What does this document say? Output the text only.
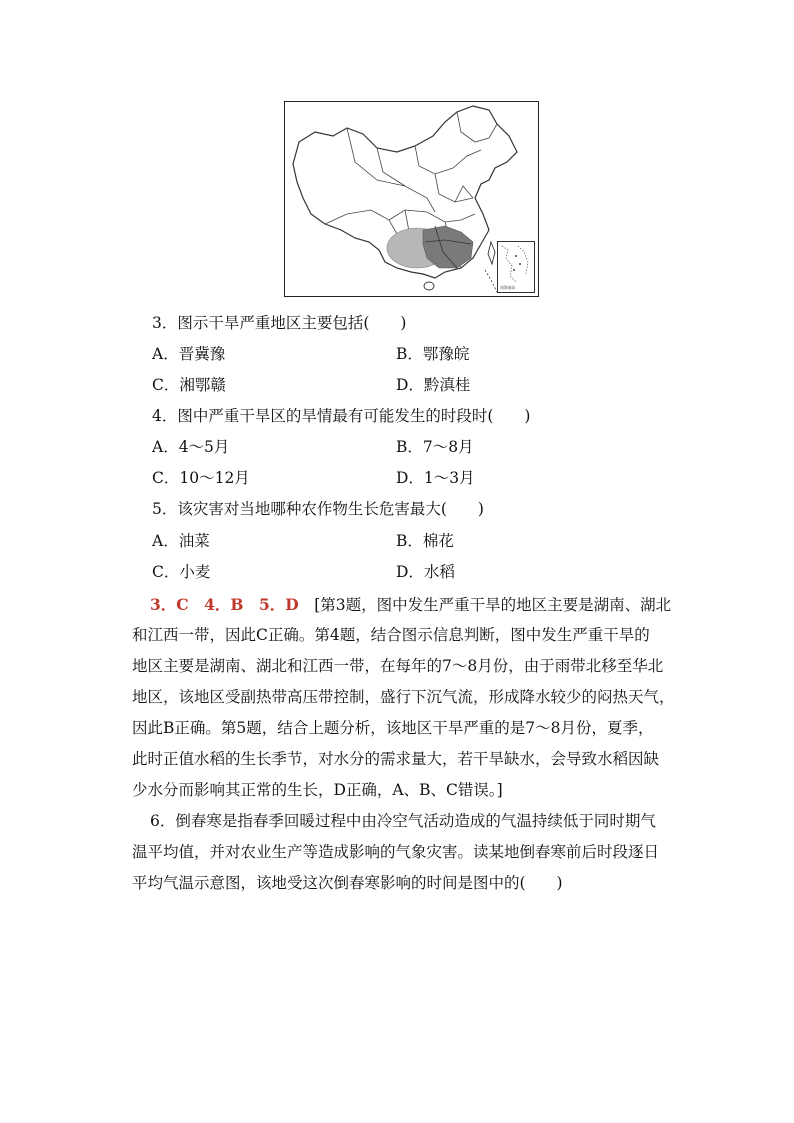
南海诸岛
3．图示干旱严重地区主要包括(　　)
A．晋冀豫	B．鄂豫皖
C．湘鄂赣	D．黔滇桂
4．图中严重干旱区的旱情最有可能发生的时段时(　　)
A．4～5月	B．7～8月
C．10～12月	D．1～3月
5．该灾害对当地哪种农作物生长危害最大(　　)
A．油菜	B．棉花
C．小麦	D．水稻
3．C　4．B　5．D　 [第3题，图中发生严重干旱的地区主要是湖南、湖北
和江西一带，因此C正确。第4题，结合图示信息判断，图中发生严重干旱的
地区主要是湖南、湖北和江西一带，在每年的7～8月份，由于雨带北移至华北
地区，该地区受副热带高压带控制，盛行下沉气流，形成降水较少的闷热天气，
因此B正确。第5题，结合上题分析，该地区干旱严重的是7～8月份，夏季，
此时正值水稻的生长季节，对水分的需求量大，若干旱缺水，会导致水稻因缺
少水分而影响其正常的生长，D正确，A、B、C错误。]
6．倒春寒是指春季回暖过程中由冷空气活动造成的气温持续低于同时期气
温平均值，并对农业生产等造成影响的气象灾害。读某地倒春寒前后时段逐日
平均气温示意图，该地受这次倒春寒影响的时间是图中的(　　)
